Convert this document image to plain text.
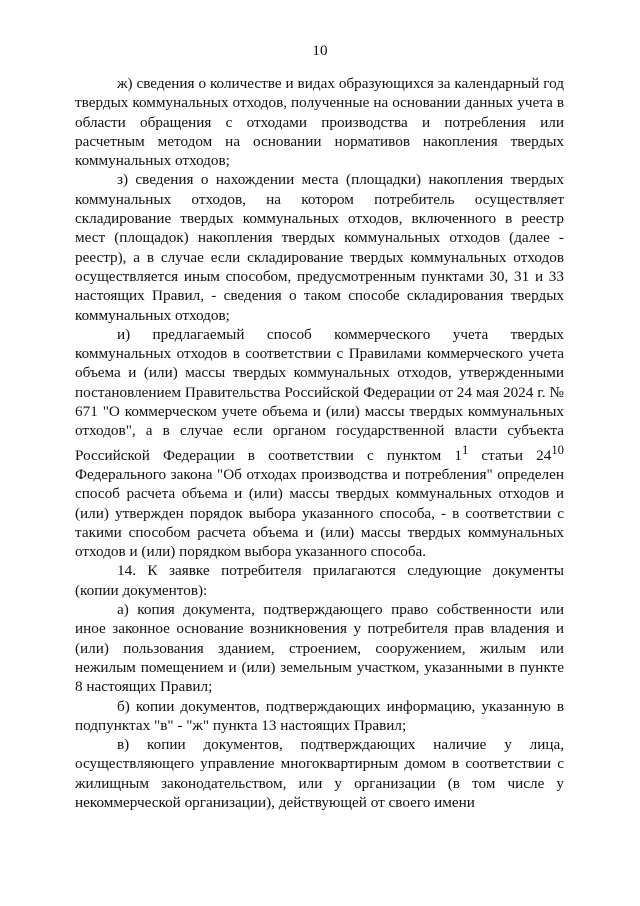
10

ж) сведения о количестве и видах образующихся за календарный год твердых коммунальных отходов, полученные на основании данных учета в области обращения с отходами производства и потребления или расчетным методом на основании нормативов накопления твердых коммунальных отходов;

з) сведения о нахождении места (площадки) накопления твердых коммунальных отходов, на котором потребитель осуществляет складирование твердых коммунальных отходов, включенного в реестр мест (площадок) накопления твердых коммунальных отходов (далее - реестр), а в случае если складирование твердых коммунальных отходов осуществляется иным способом, предусмотренным пунктами 30, 31 и 33 настоящих Правил, - сведения о таком способе складирования твердых коммунальных отходов;

и) предлагаемый способ коммерческого учета твердых коммунальных отходов в соответствии с Правилами коммерческого учета объема и (или) массы твердых коммунальных отходов, утвержденными постановлением Правительства Российской Федерации от 24 мая 2024 г. № 671 "О коммерческом учете объема и (или) массы твердых коммунальных отходов", а в случае если органом государственной власти субъекта Российской Федерации в соответствии с пунктом $1^1$ статьи $24^{10}$ Федерального закона "Об отходах производства и потребления" определен способ расчета объема и (или) массы твердых коммунальных отходов и (или) утвержден порядок выбора указанного способа, - в соответствии с такими способом расчета объема и (или) массы твердых коммунальных отходов и (или) порядком выбора указанного способа.

14. К заявке потребителя прилагаются следующие документы (копии документов):

а) копия документа, подтверждающего право собственности или иное законное основание возникновения у потребителя прав владения и (или) пользования зданием, строением, сооружением, жилым или нежилым помещением и (или) земельным участком, указанными в пункте 8 настоящих Правил;

б) копии документов, подтверждающих информацию, указанную в подпунктах "в" - "ж" пункта 13 настоящих Правил;

в) копии документов, подтверждающих наличие у лица, осуществляющего управление многоквартирным домом в соответствии с жилищным законодательством, или у организации (в том числе у некоммерческой организации), действующей от своего имени
